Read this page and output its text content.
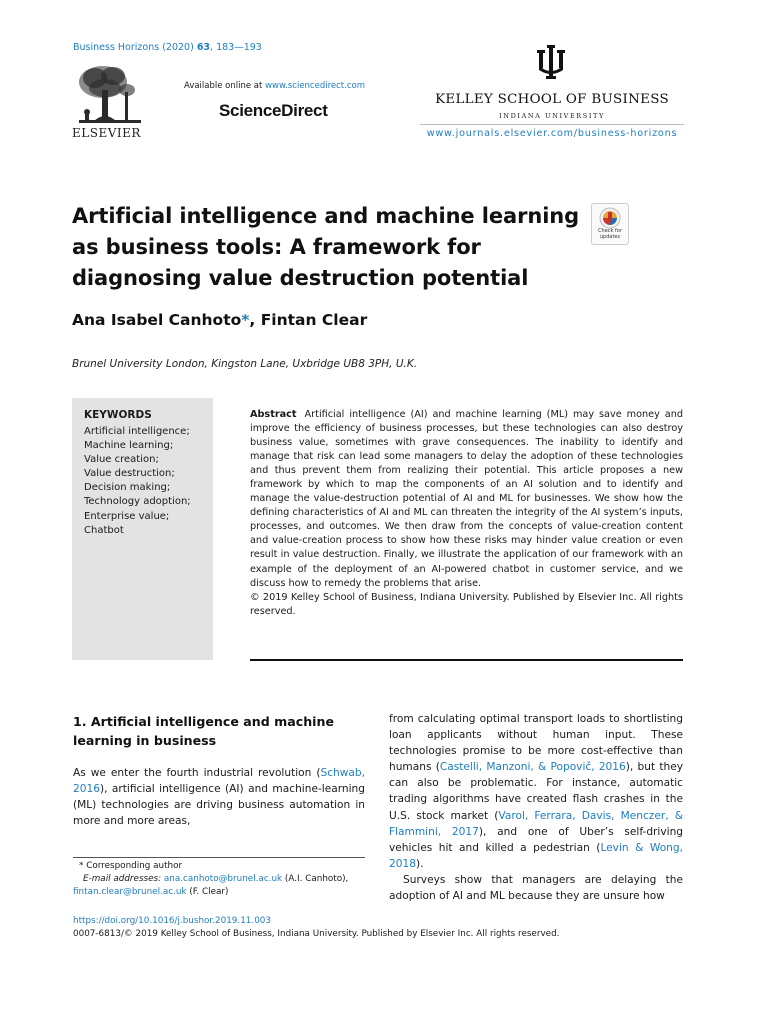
Business Horizons (2020) 63, 183—193
ELSEVIER
Available online at www.sciencedirect.com
ScienceDirect
KELLEY SCHOOL OF BUSINESS
INDIANA UNIVERSITY
www.journals.elsevier.com/business-horizons
Artificial intelligence and machine learning as business tools: A framework for diagnosing value destruction potential
Check for
updates
Ana Isabel Canhoto*, Fintan Clear
Brunel University London, Kingston Lane, Uxbridge UB8 3PH, U.K.
KEYWORDS
Artificial intelligence;
Machine learning;
Value creation;
Value destruction;
Decision making;
Technology adoption;
Enterprise value;
Chatbot
Abstract Artificial intelligence (AI) and machine learning (ML) may save money and improve the efficiency of business processes, but these technologies can also destroy business value, sometimes with grave consequences. The inability to identify and manage that risk can lead some managers to delay the adoption of these technologies and thus prevent them from realizing their potential. This article proposes a new framework by which to map the components of an AI solution and to identify and manage the value-destruction potential of AI and ML for businesses. We show how the defining characteristics of AI and ML can threaten the integrity of the AI system’s inputs, processes, and outcomes. We then draw from the concepts of value-creation content and value-creation process to show how these risks may hinder value creation or even result in value destruction. Finally, we illustrate the application of our framework with an example of the deployment of an AI-powered chatbot in customer service, and we discuss how to remedy the problems that arise.
© 2019 Kelley School of Business, Indiana University. Published by Elsevier Inc. All rights reserved.
1. Artificial intelligence and machine learning in business
As we enter the fourth industrial revolution (Schwab, 2016), artificial intelligence (AI) and machine-learning (ML) technologies are driving business automation in more and more areas,

from calculating optimal transport loads to shortlisting loan applicants without human input. These technologies promise to be more cost-effective than humans (Castelli, Manzoni, & Popovič, 2016), but they can also be problematic. For instance, automatic trading algorithms have created flash crashes in the U.S. stock market (Varol, Ferrara, Davis, Menczer, & Flammini, 2017), and one of Uber’s self-driving vehicles hit and killed a pedestrian (Levin & Wong, 2018).

Surveys show that managers are delaying the adoption of AI and ML because they are unsure how

* Corresponding author
E-mail addresses: ana.canhoto@brunel.ac.uk (A.I. Canhoto),
fintan.clear@brunel.ac.uk (F. Clear)
https://doi.org/10.1016/j.bushor.2019.11.003
0007-6813/© 2019 Kelley School of Business, Indiana University. Published by Elsevier Inc. All rights reserved.
